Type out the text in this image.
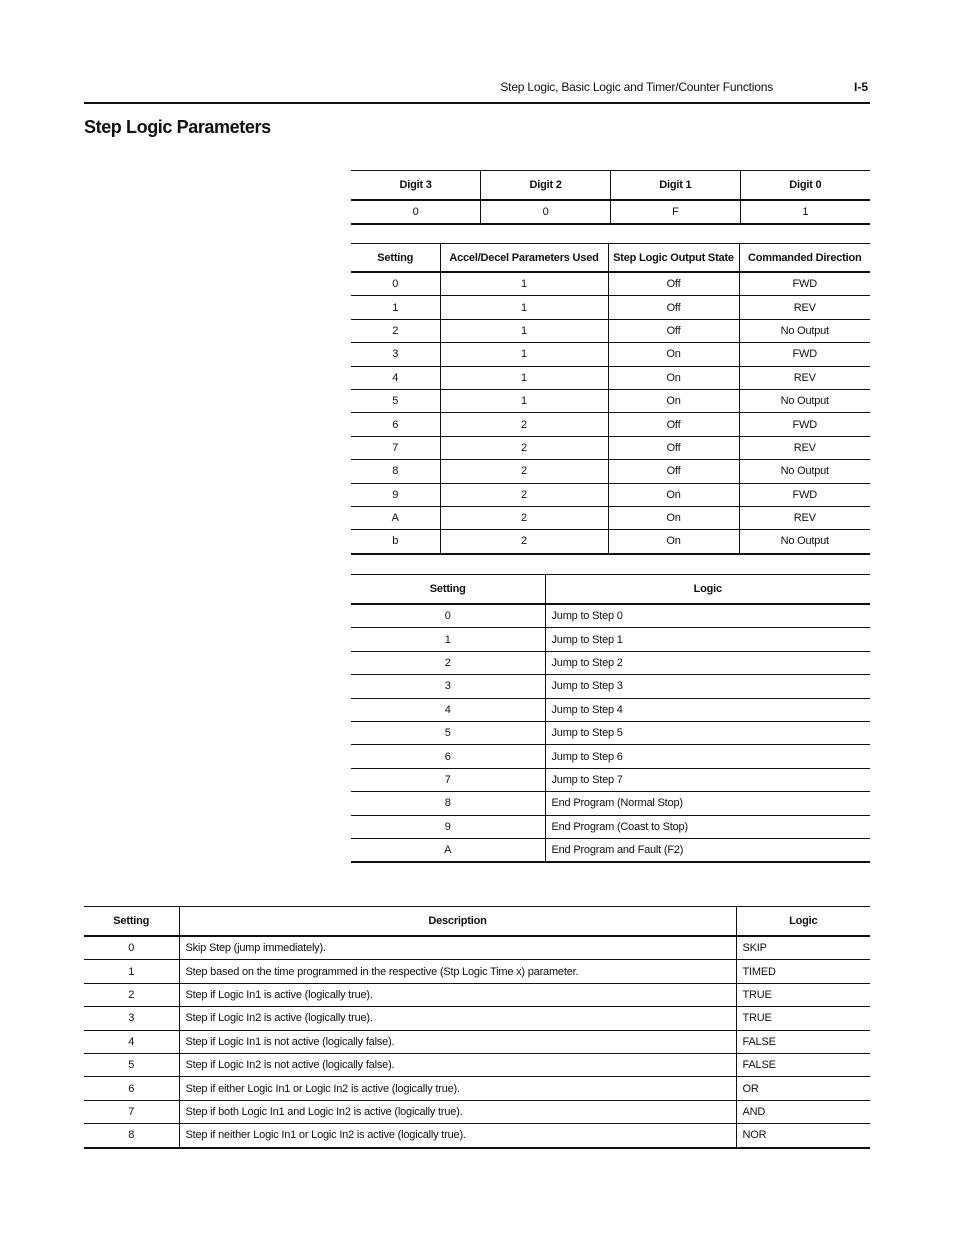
Step Logic, Basic Logic and Timer/Counter Functions	I-5
Step Logic Parameters
Digit 3	Digit 2	Digit 1	Digit 0
0	0	F	1
Setting	Accel/Decel Parameters Used	Step Logic Output State	Commanded Direction
0	1	Off	FWD
1	1	Off	REV
2	1	Off	No Output
3	1	On	FWD
4	1	On	REV
5	1	On	No Output
6	2	Off	FWD
7	2	Off	REV
8	2	Off	No Output
9	2	On	FWD
A	2	On	REV
b	2	On	No Output
Setting	Logic
0	Jump to Step 0
1	Jump to Step 1
2	Jump to Step 2
3	Jump to Step 3
4	Jump to Step 4
5	Jump to Step 5
6	Jump to Step 6
7	Jump to Step 7
8	End Program (Normal Stop)
9	End Program (Coast to Stop)
A	End Program and Fault (F2)
Setting	Description	Logic
0	Skip Step (jump immediately).	SKIP
1	Step based on the time programmed in the respective (Stp Logic Time x) parameter.	TIMED
2	Step if Logic In1 is active (logically true).	TRUE
3	Step if Logic In2 is active (logically true).	TRUE
4	Step if Logic In1 is not active (logically false).	FALSE
5	Step if Logic In2 is not active (logically false).	FALSE
6	Step if either Logic In1 or Logic In2 is active (logically true).	OR
7	Step if both Logic In1 and Logic In2 is active (logically true).	AND
8	Step if neither Logic In1 or Logic In2 is active (logically true).	NOR
